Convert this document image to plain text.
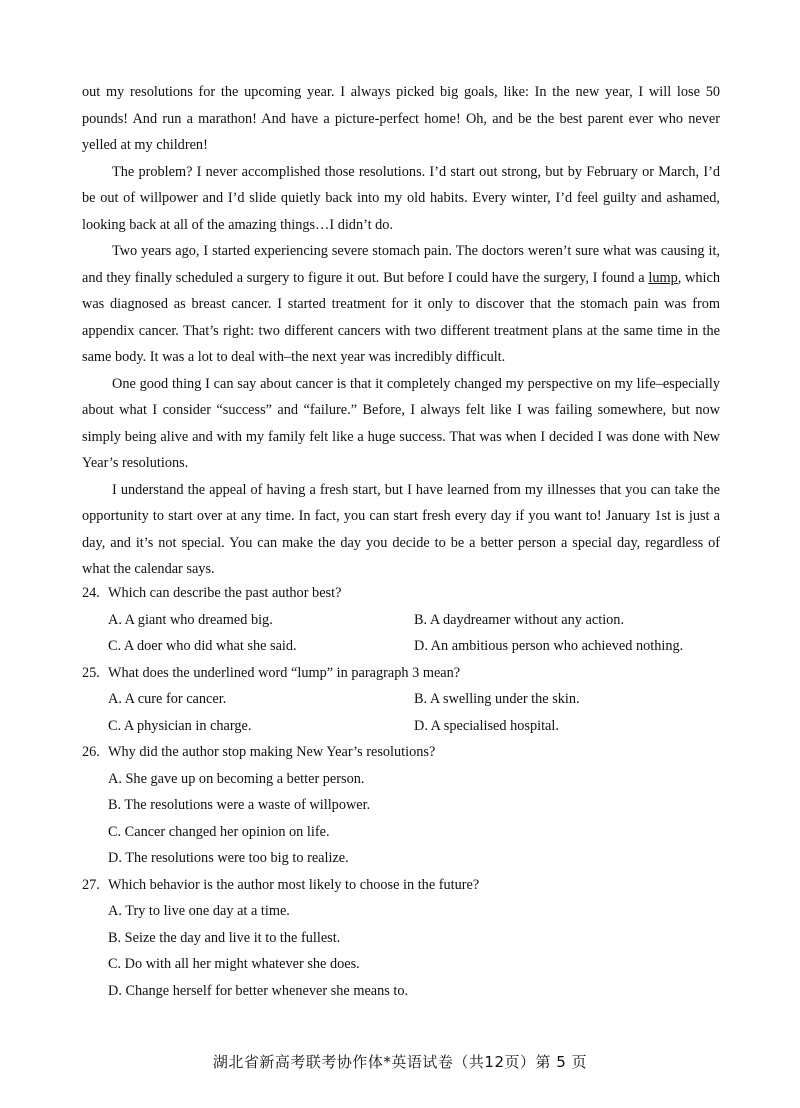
out my resolutions for the upcoming year. I always picked big goals, like: In the new year, I will lose 50 pounds! And run a marathon! And have a picture-perfect home! Oh, and be the best parent ever who never yelled at my children!

The problem? I never accomplished those resolutions. I’d start out strong, but by February or March, I’d be out of willpower and I’d slide quietly back into my old habits. Every winter, I’d feel guilty and ashamed, looking back at all of the amazing things…I didn’t do.

Two years ago, I started experiencing severe stomach pain. The doctors weren’t sure what was causing it, and they finally scheduled a surgery to figure it out. But before I could have the surgery, I found a lump, which was diagnosed as breast cancer. I started treatment for it only to discover that the stomach pain was from appendix cancer. That’s right: two different cancers with two different treatment plans at the same time in the same body. It was a lot to deal with–the next year was incredibly difficult.

One good thing I can say about cancer is that it completely changed my perspective on my life–especially about what I consider “success” and “failure.” Before, I always felt like I was failing somewhere, but now simply being alive and with my family felt like a huge success. That was when I decided I was done with New Year’s resolutions.

I understand the appeal of having a fresh start, but I have learned from my illnesses that you can take the opportunity to start over at any time. In fact, you can start fresh every day if you want to! January 1st is just a day, and it’s not special. You can make the day you decide to be a better person a special day, regardless of what the calendar says.

24. Which can describe the past author best?
A. A giant who dreamed big.	B. A daydreamer without any action.
C. A doer who did what she said.	D. An ambitious person who achieved nothing.
25. What does the underlined word “lump” in paragraph 3 mean?
A. A cure for cancer.	B. A swelling under the skin.
C. A physician in charge.	D. A specialised hospital.
26. Why did the author stop making New Year’s resolutions?
A. She gave up on becoming a better person.
B. The resolutions were a waste of willpower.
C. Cancer changed her opinion on life.
D. The resolutions were too big to realize.
27. Which behavior is the author most likely to choose in the future?
A. Try to live one day at a time.
B. Seize the day and live it to the fullest.
C. Do with all her might whatever she does.
D. Change herself for better whenever she means to.
湖北省新高考联考协作体*英语试卷（共12页）第 5 页
